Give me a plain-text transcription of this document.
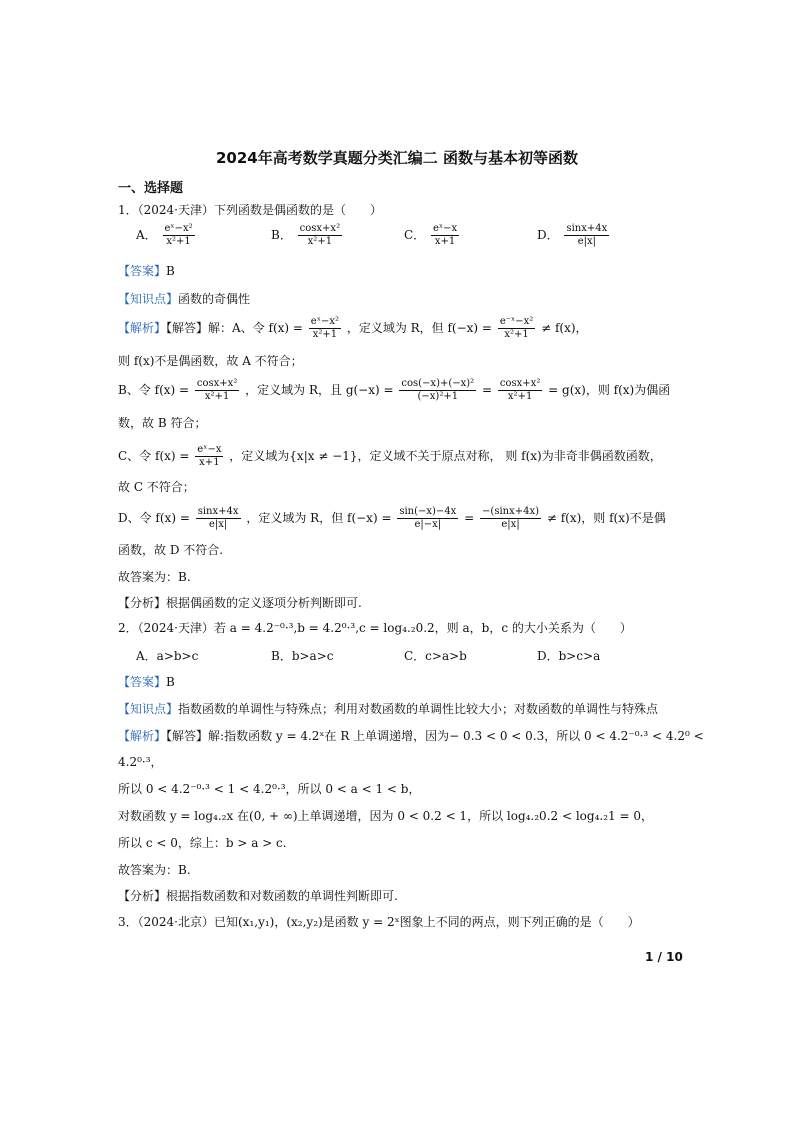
2024年高考数学真题分类汇编二 函数与基本初等函数
一、选择题
1．（2024·天津）下列函数是偶函数的是（　　）
A． $\frac{\text{eˣ−x²}}{\text{x²+1}}$	B． $\frac{\text{cosx+x²}}{\text{x²+1}}$	C． $\frac{\text{eˣ−x}}{x+1}$	D． $\frac{\sin x+4x}{e|x|}$
【答案】B
【知识点】函数的奇偶性
【解析】【解答】解：A、令 $f(x) = \frac{\text{eˣ−x²}}{\text{x²+1}}$ ，定义域为 R，但 $f(-x) = \frac{\text{e⁻ˣ−x²}}{\text{x²+1}} \ne f(x)$，
则 f(x)不是偶函数，故 A 不符合；
B、令 $f(x) = \frac{\text{cosx+x²}}{\text{x²+1}}$ ，定义域为 R，且 $g(-x) = \frac{\text{cos(−x)+(−x)²}}{\text{(−x)²+1}} = \frac{\text{cosx+x²}}{\text{x²+1}} = g(x)$，则 f(x)为偶函
数，故 B 符合；
C、令 $f(x) = \frac{\text{eˣ−x}}{x+1}$ ，定义域为{x|x ≠ −1}，定义域不关于原点对称， 则 f(x)为非奇非偶函数函数，
故 C 不符合；
D、令 $f(x) = \frac{\sin x+4x}{e|x|}$ ，定义域为 R，但 $f(-x) = \frac{\sin(-x)-4x}{e|-x|} = \frac{-(\sin x+4x)}{e|x|} \ne f(x)$，则 f(x)不是偶
函数，故 D 不符合.
故答案为：B.
【分析】根据偶函数的定义逐项分析判断即可.
2．（2024·天津）若 a = 4.2⁻⁰·³,b = 4.2⁰·³,c = log₄.₂0.2，则 a，b，c 的大小关系为（　　）
A．a>b>c	B．b>a>c	C．c>a>b	D．b>c>a
【答案】B
【知识点】指数函数的单调性与特殊点；利用对数函数的单调性比较大小；对数函数的单调性与特殊点
【解析】【解答】解:指数函数 y = 4.2ˣ在 R 上单调递增，因为− 0.3 < 0 < 0.3，所以 0 < 4.2⁻⁰·³ < 4.2⁰ <
4.2⁰·³，
所以 0 < 4.2⁻⁰·³ < 1 < 4.2⁰·³，所以 0 < a < 1 < b，
对数函数 y = log₄.₂x 在(0, + ∞)上单调递增，因为 0 < 0.2 < 1，所以 log₄.₂0.2 < log₄.₂1 = 0，
所以 c < 0，综上：b > a > c.
故答案为：B.
【分析】根据指数函数和对数函数的单调性判断即可.
3．（2024·北京）已知(x₁,y₁)，(x₂,y₂)是函数 y = 2ˣ图象上不同的两点，则下列正确的是（　　）
1 / 10
